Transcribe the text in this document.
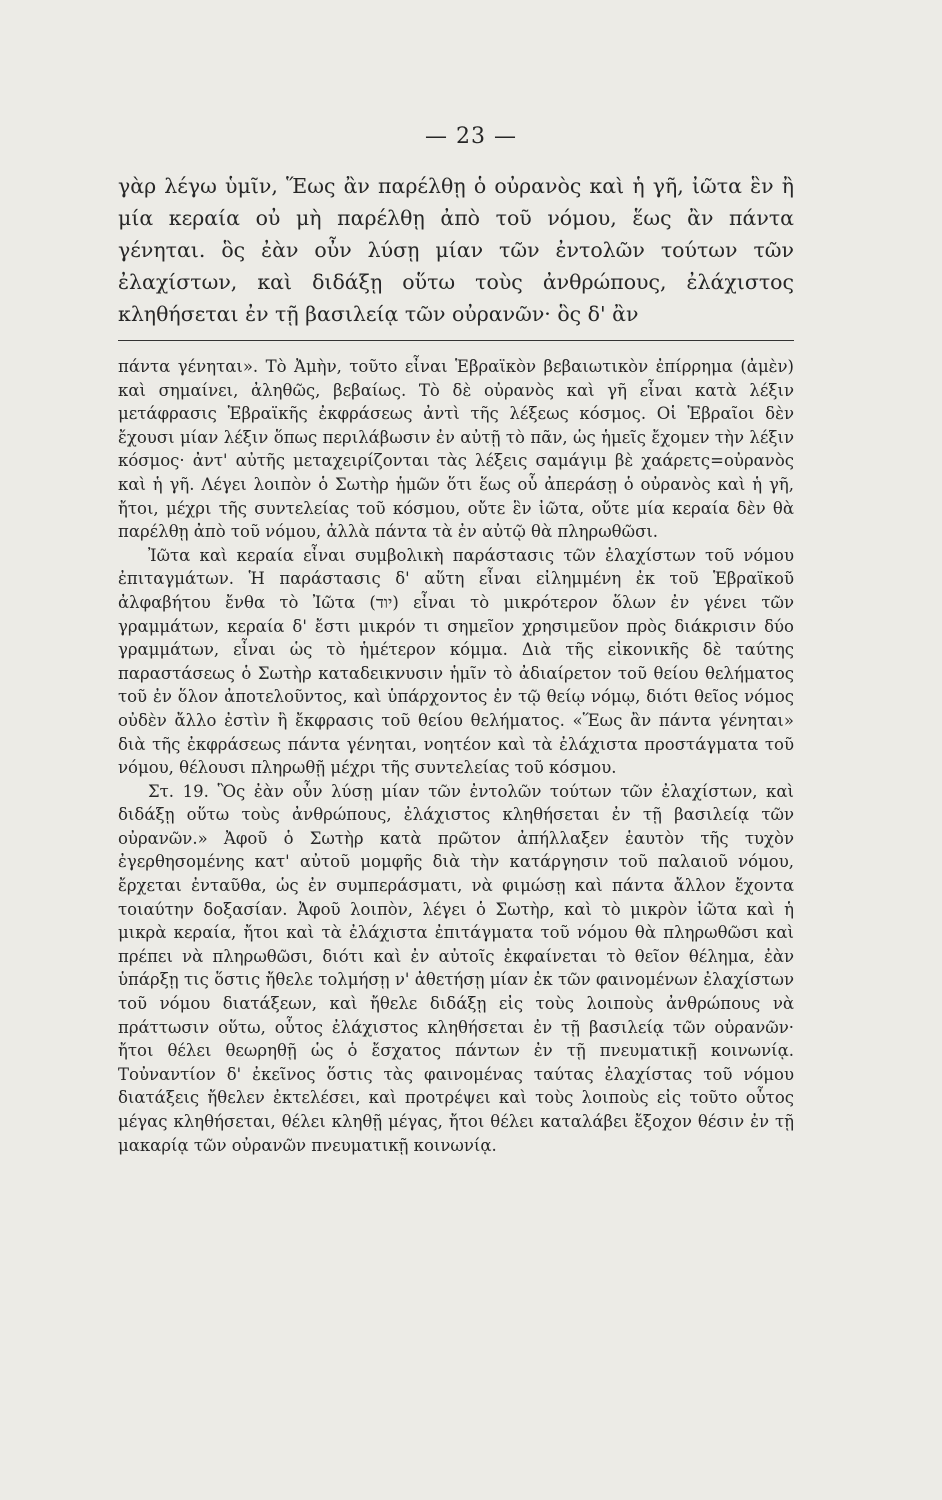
— 23 —

γὰρ λέγω ὑμῖν, Ἕως ἂν παρέλθῃ ὁ οὐρανὸς καὶ ἡ γῆ, ἰῶτα ἓν ἢ μία κεραία οὐ μὴ παρέλθῃ ἀπὸ τοῦ νόμου, ἕως ἂν πάντα γένηται. ὃς ἐὰν οὖν λύσῃ μίαν τῶν ἐντολῶν τούτων τῶν ἐλαχίστων, καὶ διδάξῃ οὕτω τοὺς ἀνθρώπους, ἐλάχιστος κληθήσεται ἐν τῇ βασιλείᾳ τῶν οὐρανῶν· ὃς δ' ἂν

πάντα γένηται». Τὸ Ἀμὴν, τοῦτο εἶναι Ἑβραϊκὸν βεβαιωτικὸν ἐπίρρημα (ἀμὲν) καὶ σημαίνει, ἀληθῶς, βεβαίως. Τὸ δὲ οὐρανὸς καὶ γῆ εἶναι κατὰ λέξιν μετάφρασις Ἑβραϊκῆς ἐκφράσεως ἀντὶ τῆς λέξεως κόσμος. Οἱ Ἑβραῖοι δὲν ἔχουσι μίαν λέξιν ὅπως περιλάβωσιν ἐν αὐτῇ τὸ πᾶν, ὡς ἡμεῖς ἔχομεν τὴν λέξιν κόσμος· ἀντ' αὐτῆς μεταχειρίζονται τὰς λέξεις σαμάγιμ βὲ χαάρετς=οὐρανὸς καὶ ἡ γῆ. Λέγει λοιπὸν ὁ Σωτὴρ ἡμῶν ὅτι ἕως οὗ ἀπεράσῃ ὁ οὐρανὸς καὶ ἡ γῆ, ἤτοι, μέχρι τῆς συντελείας τοῦ κόσμου, οὔτε ἓν ἰῶτα, οὔτε μία κεραία δὲν θὰ παρέλθῃ ἀπὸ τοῦ νόμου, ἀλλὰ πάντα τὰ ἐν αὐτῷ θὰ πληρωθῶσι.

Ἰῶτα καὶ κεραία εἶναι συμβολικὴ παράστασις τῶν ἐλαχίστων τοῦ νόμου ἐπιταγμάτων. Ἡ παράστασις δ' αὕτη εἶναι εἰλημμένη ἐκ τοῦ Ἑβραϊκοῦ ἀλφαβήτου ἔνθα τὸ Ἰῶτα (יוד) εἶναι τὸ μικρότερον ὅλων ἐν γένει τῶν γραμμάτων, κεραία δ' ἔστι μικρόν τι σημεῖον χρησιμεῦον πρὸς διάκρισιν δύο γραμμάτων, εἶναι ὡς τὸ ἡμέτερον κόμμα. Διὰ τῆς εἰκονικῆς δὲ ταύτης παραστάσεως ὁ Σωτὴρ καταδεικνυσιν ἡμῖν τὸ ἀδιαίρετον τοῦ θείου θελήματος τοῦ ἐν ὅλον ἀποτελοῦντος, καὶ ὑπάρχοντος ἐν τῷ θείῳ νόμῳ, διότι θεῖος νόμος οὐδὲν ἄλλο ἐστὶν ἢ ἔκφρασις τοῦ θείου θελήματος. «Ἕως ἂν πάντα γένηται» διὰ τῆς ἐκφράσεως πάντα γένηται, νοητέον καὶ τὰ ἐλάχιστα προστάγματα τοῦ νόμου, θέλουσι πληρωθῇ μέχρι τῆς συντελείας τοῦ κόσμου.

Στ. 19. Ὃς ἐὰν οὖν λύσῃ μίαν τῶν ἐντολῶν τούτων τῶν ἐλαχίστων, καὶ διδάξῃ οὕτω τοὺς ἀνθρώπους, ἐλάχιστος κληθήσεται ἐν τῇ βασιλείᾳ τῶν οὐρανῶν.» Ἀφοῦ ὁ Σωτὴρ κατὰ πρῶτον ἀπήλλαξεν ἑαυτὸν τῆς τυχὸν ἐγερθησομένης κατ' αὐτοῦ μομφῆς διὰ τὴν κατάργησιν τοῦ παλαιοῦ νόμου, ἔρχεται ἐνταῦθα, ὡς ἐν συμπεράσματι, νὰ φιμώσῃ καὶ πάντα ἄλλον ἔχοντα τοιαύτην δοξασίαν. Ἀφοῦ λοιπὸν, λέγει ὁ Σωτὴρ, καὶ τὸ μικρὸν ἰῶτα καὶ ἡ μικρὰ κεραία, ἤτοι καὶ τὰ ἐλάχιστα ἐπιτάγματα τοῦ νόμου θὰ πληρωθῶσι καὶ πρέπει νὰ πληρωθῶσι, διότι καὶ ἐν αὐτοῖς ἐκφαίνεται τὸ θεῖον θέλημα, ἐὰν ὑπάρξῃ τις ὅστις ἤθελε τολμήσῃ ν' ἀθετήσῃ μίαν ἐκ τῶν φαινομένων ἐλαχίστων τοῦ νόμου διατάξεων, καὶ ἤθελε διδάξῃ εἰς τοὺς λοιποὺς ἀνθρώπους νὰ πράττωσιν οὕτω, οὗτος ἐλάχιστος κληθήσεται ἐν τῇ βασιλείᾳ τῶν οὐρανῶν· ἤτοι θέλει θεωρηθῇ ὡς ὁ ἔσχατος πάντων ἐν τῇ πνευματικῇ κοινωνίᾳ. Τοὐναντίον δ' ἐκεῖνος ὅστις τὰς φαινομένας ταύτας ἐλαχίστας τοῦ νόμου διατάξεις ἤθελεν ἐκτελέσει, καὶ προτρέψει καὶ τοὺς λοιποὺς εἰς τοῦτο οὗτος μέγας κληθήσεται, θέλει κληθῇ μέγας, ἤτοι θέλει καταλάβει ἔξοχον θέσιν ἐν τῇ μακαρίᾳ τῶν οὐρανῶν πνευματικῇ κοινωνίᾳ.
